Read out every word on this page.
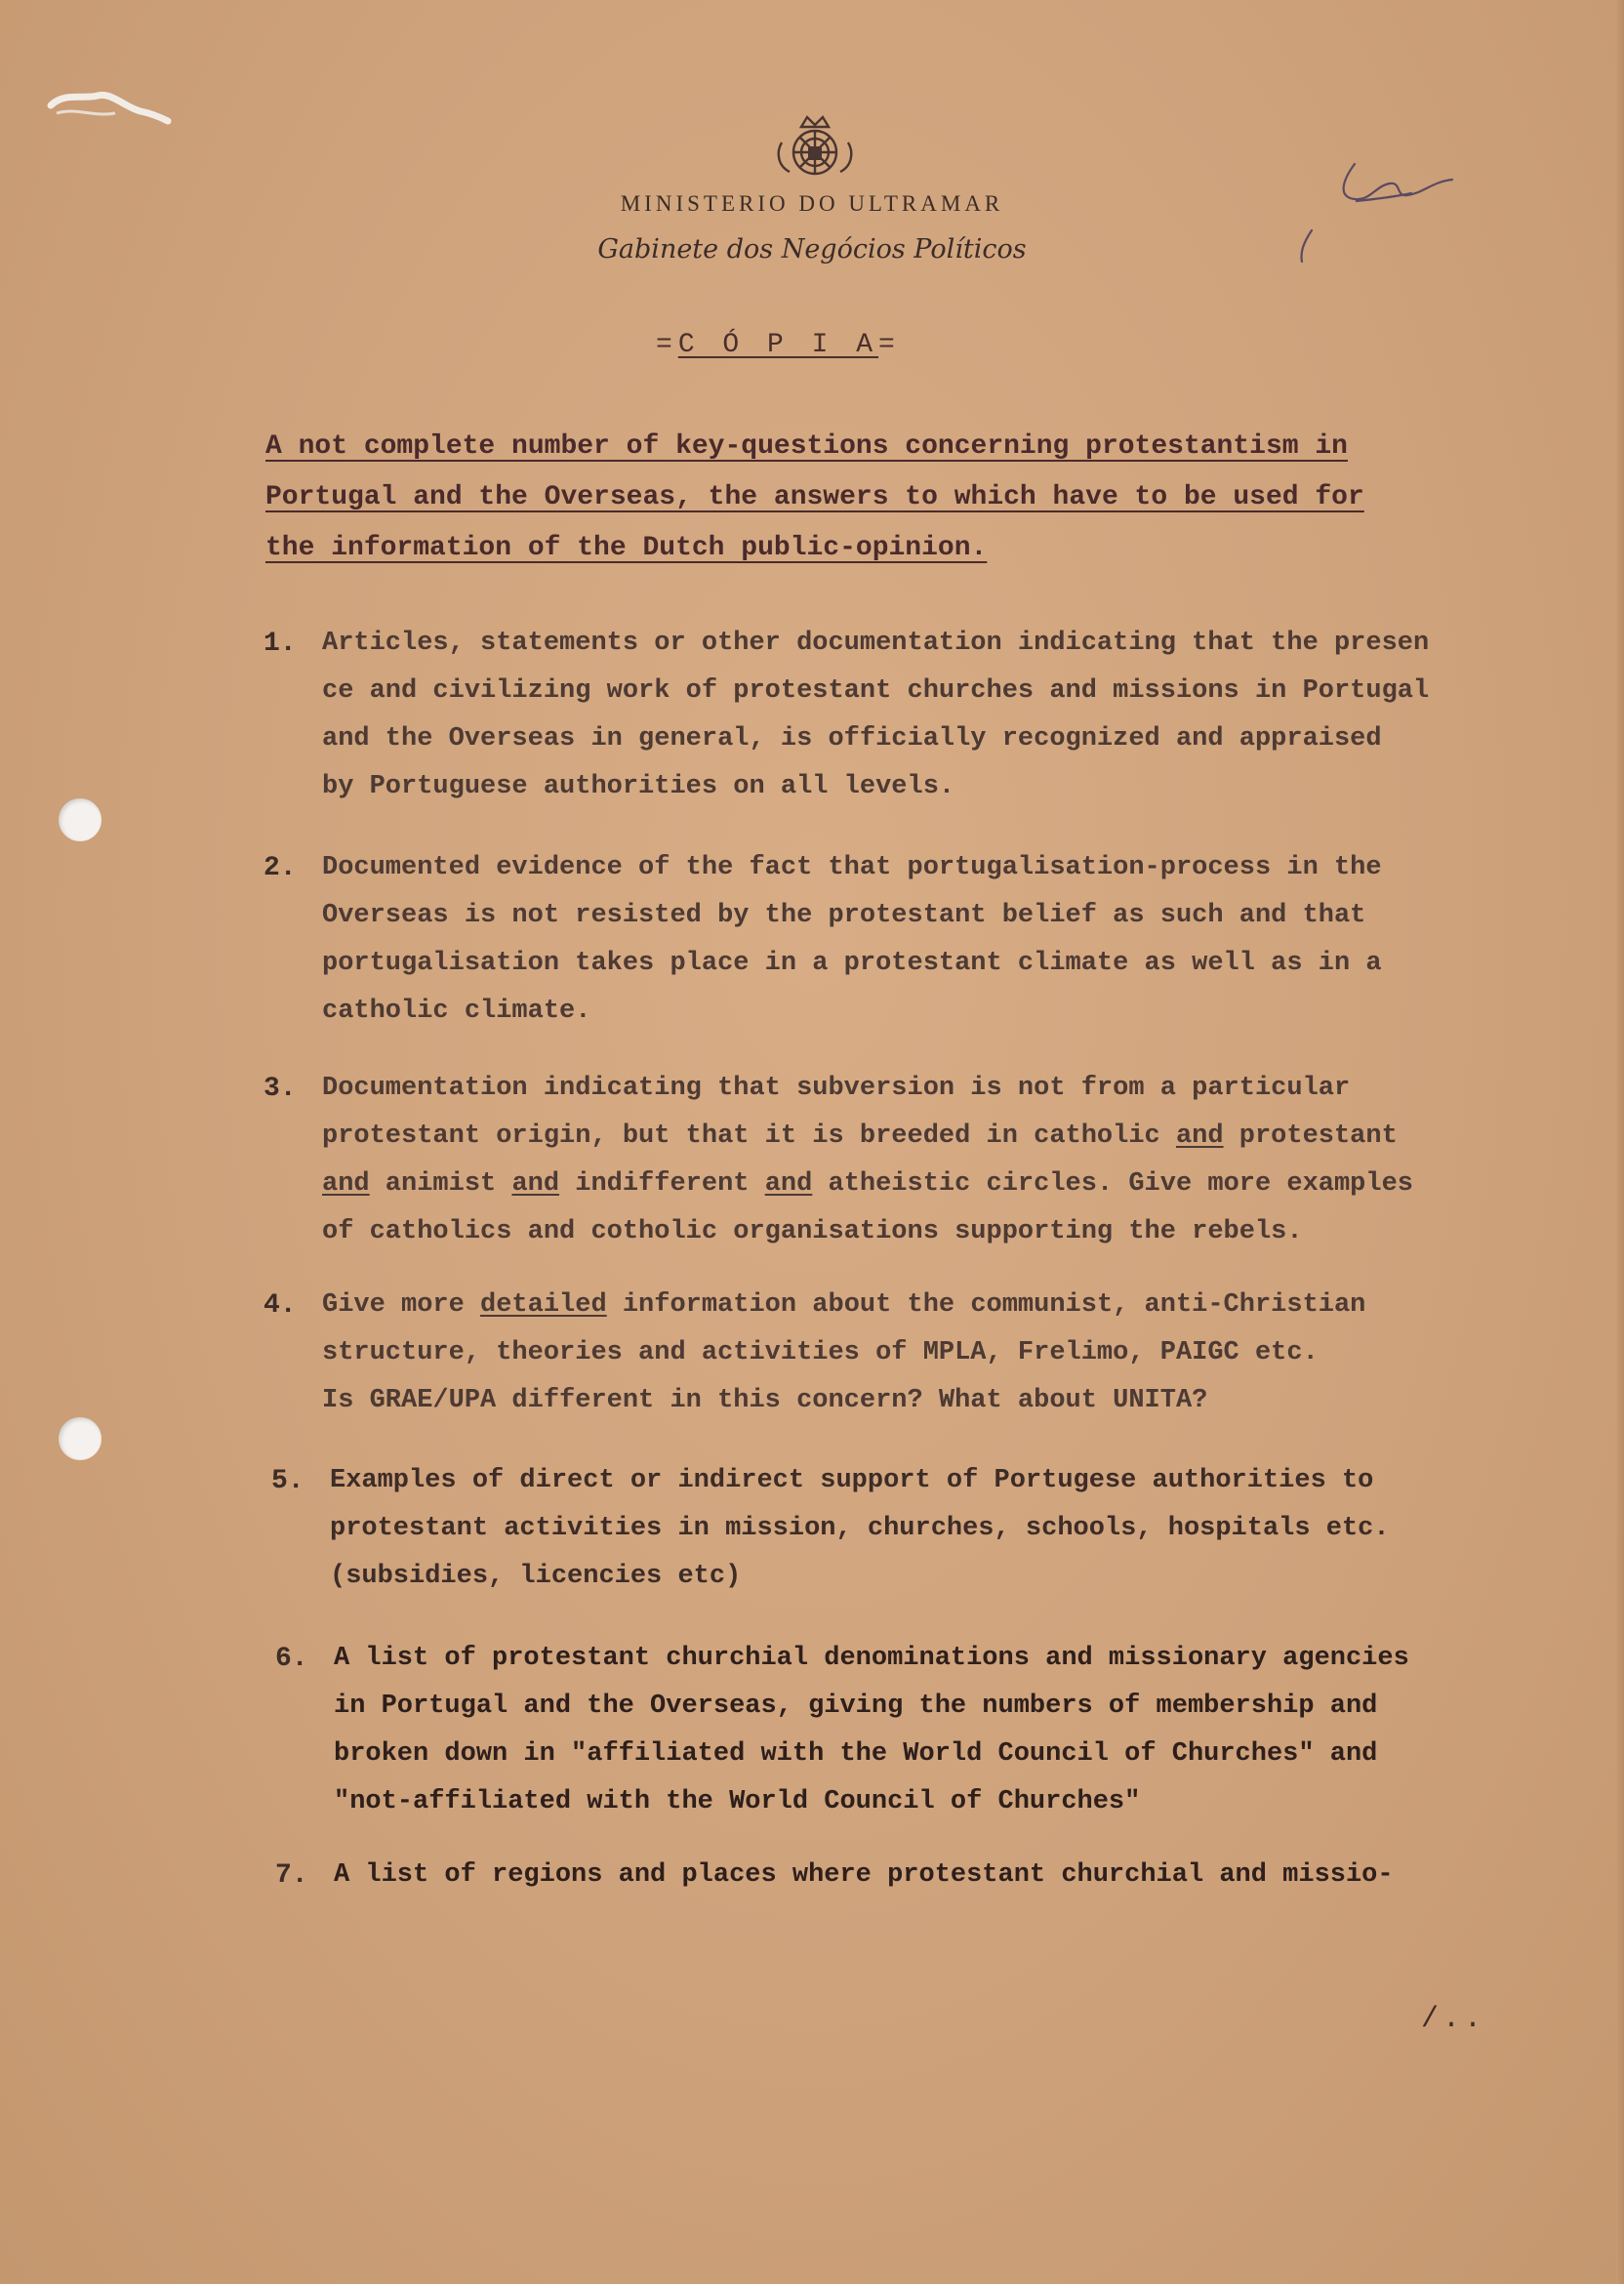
MINISTERIO DO ULTRAMAR
Gabinete dos Negócios Políticos
=C Ó P I A=
A not complete number of key-questions concerning protestantism in
Portugal and the Overseas, the answers to which have to be used for
the information of the Dutch public-opinion.
1. Articles, statements or other documentation indicating that the presen
ce and civilizing work of protestant churches and missions in Portugal
and the Overseas in general, is officially recognized and appraised
by Portuguese authorities on all levels.
2. Documented evidence of the fact that portugalisation-process in the
Overseas is not resisted by the protestant belief as such and that
portugalisation takes place in a protestant climate as well as in a
catholic climate.
3. Documentation indicating that subversion is not from a particular
protestant origin, but that it is breeded in catholic and protestant
and animist and indifferent and atheistic circles. Give more examples
of catholics and cotholic organisations supporting the rebels.
4. Give more detailed information about the communist, anti-Christian
structure, theories and activities of MPLA, Frelimo, PAIGC etc.
Is GRAE/UPA different in this concern? What about UNITA?
5. Examples of direct or indirect support of Portugese authorities to
protestant activities in mission, churches, schools, hospitals etc.
(subsidies, licencies etc)
6. A list of protestant churchial denominations and missionary agencies
in Portugal and the Overseas, giving the numbers of membership and
broken down in "affiliated with the World Council of Churches" and
"not-affiliated with the World Council of Churches"
7. A list of regions and places where protestant churchial and missio-
/..
